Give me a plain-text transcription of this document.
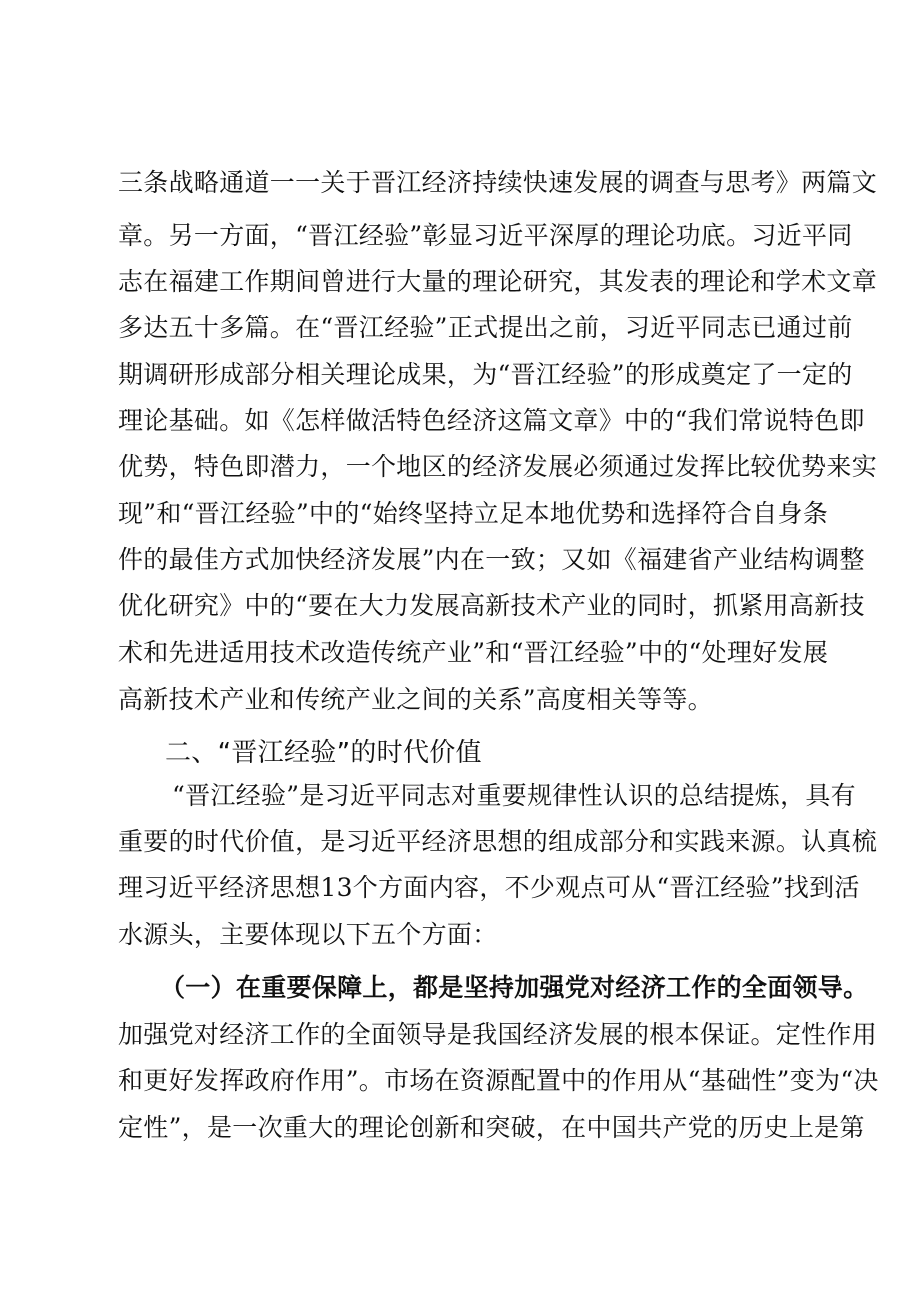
三条战略通道一一关于晋江经济持续快速发展的调查与思考》两篇文
章。另一方面，“晋江经验”彰显习近平深厚的理论功底。习近平同
志在福建工作期间曾进行大量的理论研究，其发表的理论和学术文章
多达五十多篇。在“晋江经验”正式提出之前，习近平同志已通过前
期调研形成部分相关理论成果，为“晋江经验”的形成奠定了一定的
理论基础。如《怎样做活特色经济这篇文章》中的“我们常说特色即
优势，特色即潜力，一个地区的经济发展必须通过发挥比较优势来实
现”和“晋江经验”中的“始终坚持立足本地优势和选择符合自身条
件的最佳方式加快经济发展”内在一致；又如《福建省产业结构调整
优化研究》中的“要在大力发展高新技术产业的同时，抓紧用高新技
术和先进适用技术改造传统产业”和“晋江经验”中的“处理好发展
高新技术产业和传统产业之间的关系”高度相关等等。
二、“晋江经验”的时代价值
“晋江经验”是习近平同志对重要规律性认识的总结提炼，具有
重要的时代价值，是习近平经济思想的组成部分和实践来源。认真梳
理习近平经济思想13个方面内容，不少观点可从“晋江经验”找到活
水源头，主要体现以下五个方面：
（一）在重要保障上，都是坚持加强党对经济工作的全面领导。
加强党对经济工作的全面领导是我国经济发展的根本保证。定性作用
和更好发挥政府作用”。市场在资源配置中的作用从“基础性”变为“决
定性”，是一次重大的理论创新和突破，在中国共产党的历史上是第
